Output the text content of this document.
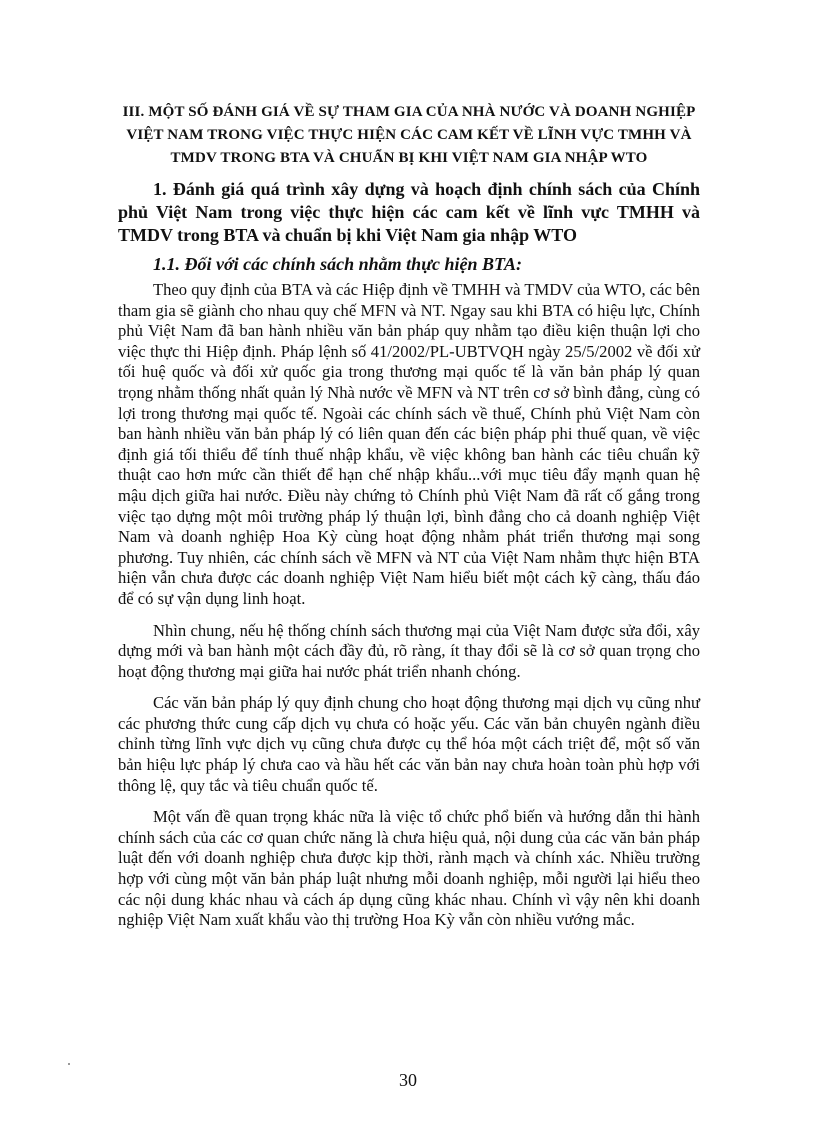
III. MỘT SỐ ĐÁNH GIÁ VỀ SỰ THAM GIA CỦA NHÀ NƯỚC VÀ DOANH NGHIỆP VIỆT NAM TRONG VIỆC THỰC HIỆN CÁC CAM KẾT VỀ LĨNH VỰC TMHH VÀ TMDV TRONG BTA VÀ CHUẨN BỊ KHI VIỆT NAM GIA NHẬP WTO
1. Đánh giá quá trình xây dựng và hoạch định chính sách của Chính phủ Việt Nam trong việc thực hiện các cam kết về lĩnh vực TMHH và TMDV trong BTA và chuẩn bị khi Việt Nam gia nhập WTO
1.1. Đối với các chính sách nhằm thực hiện BTA:

Theo quy định của BTA và các Hiệp định về TMHH và TMDV của WTO, các bên tham gia sẽ giành cho nhau quy chế MFN và NT. Ngay sau khi BTA có hiệu lực, Chính phủ Việt Nam đã ban hành nhiều văn bản pháp quy nhằm tạo điều kiện thuận lợi cho việc thực thi Hiệp định. Pháp lệnh số 41/2002/PL-UBTVQH ngày 25/5/2002 về đối xử tối huệ quốc và đối xử quốc gia trong thương mại quốc tế là văn bản pháp lý quan trọng nhằm thống nhất quản lý Nhà nước về MFN và NT trên cơ sở bình đẳng, cùng có lợi trong thương mại quốc tế. Ngoài các chính sách về thuế, Chính phủ Việt Nam còn ban hành nhiều văn bản pháp lý có liên quan đến các biện pháp phi thuế quan, về việc định giá tối thiểu để tính thuế nhập khẩu, về việc không ban hành các tiêu chuẩn kỹ thuật cao hơn mức cần thiết để hạn chế nhập khẩu...với mục tiêu đẩy mạnh quan hệ mậu dịch giữa hai nước. Điều này chứng tỏ Chính phủ Việt Nam đã rất cố gắng trong việc tạo dựng một môi trường pháp lý thuận lợi, bình đẳng cho cả doanh nghiệp Việt Nam và doanh nghiệp Hoa Kỳ cùng hoạt động nhằm phát triển thương mại song phương. Tuy nhiên, các chính sách về MFN và NT của Việt Nam nhằm thực hiện BTA hiện vẫn chưa được các doanh nghiệp Việt Nam hiểu biết một cách kỹ càng, thấu đáo để có sự vận dụng linh hoạt.

Nhìn chung, nếu hệ thống chính sách thương mại của Việt Nam được sửa đổi, xây dựng mới và ban hành một cách đầy đủ, rõ ràng, ít thay đổi sẽ là cơ sở quan trọng cho hoạt động thương mại giữa hai nước phát triển nhanh chóng.

Các văn bản pháp lý quy định chung cho hoạt động thương mại dịch vụ cũng như các phương thức cung cấp dịch vụ chưa có hoặc yếu. Các văn bản chuyên ngành điều chỉnh từng lĩnh vực dịch vụ cũng chưa được cụ thể hóa một cách triệt để, một số văn bản hiệu lực pháp lý chưa cao và hầu hết các văn bản nay chưa hoàn toàn phù hợp với thông lệ, quy tắc và tiêu chuẩn quốc tế.

Một vấn đề quan trọng khác nữa là việc tổ chức phổ biến và hướng dẫn thi hành chính sách của các cơ quan chức năng là chưa hiệu quả, nội dung của các văn bản pháp luật đến với doanh nghiệp chưa được kịp thời, rành mạch và chính xác. Nhiều trường hợp với cùng một văn bản pháp luật nhưng mỗi doanh nghiệp, mỗi người lại hiểu theo các nội dung khác nhau và cách áp dụng cũng khác nhau. Chính vì vậy nên khi doanh nghiệp Việt Nam xuất khẩu vào thị trường Hoa Kỳ vẫn còn nhiều vướng mắc.

30
